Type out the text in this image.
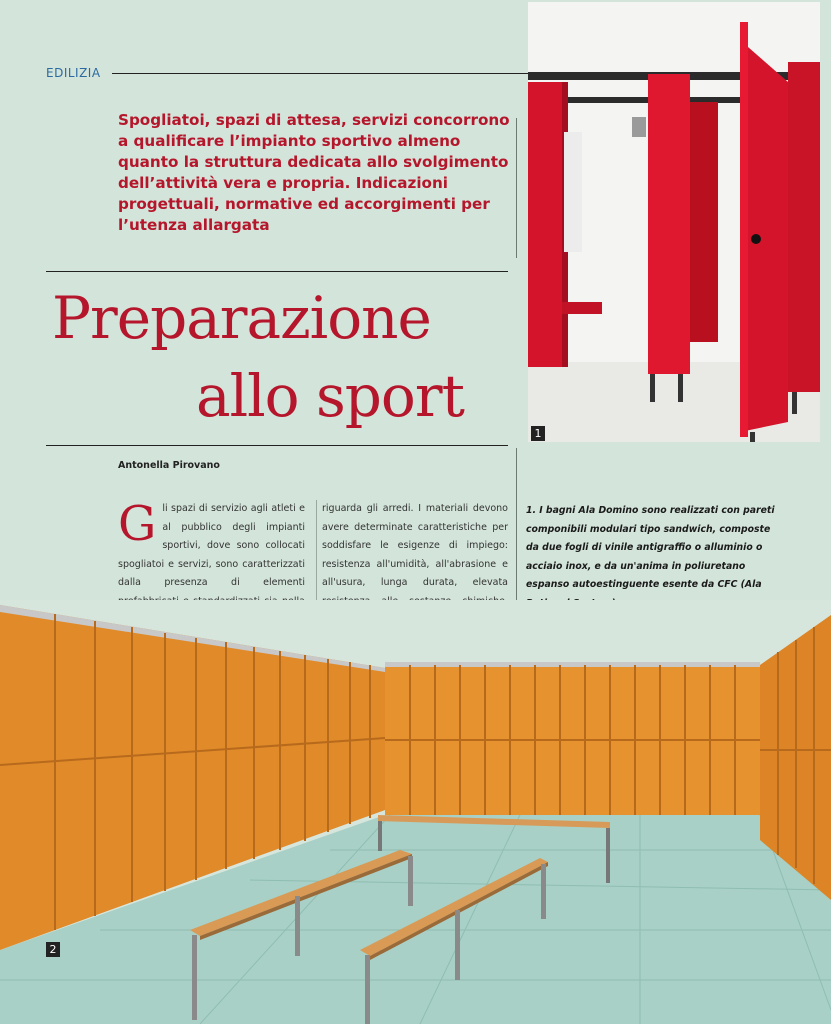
EDILIZIA
Spogliatoi, spazi di attesa, servizi concorrono a qualificare l’impianto sportivo almeno quanto la struttura dedicata allo svolgimento dell’attività vera e propria. Indicazioni progettuali, normative ed accorgimenti per l’utenza allargata
Preparazione
allo sport
Antonella Pirovano
G li spazi di servizio agli atleti e al pubblico degli impianti sportivi, dove sono collocati spogliatoi e servizi, sono caratterizzati dalla presenza di elementi
riguarda gli arredi. I materiali devono avere determinate caratteristiche per soddisfare le esigenze di impiego: resistenza all'umidità, all'abrasione e all'usura, lunga durata, elevata
1. I bagni Ala Domino sono realizzati con pareti componibili modulari tipo sandwich, composte da due fogli di vinile antigraffio o alluminio o acciaio inox, e da un'anima in poliuretano espanso autoestinguente esente da CFC (Ala
1
2
